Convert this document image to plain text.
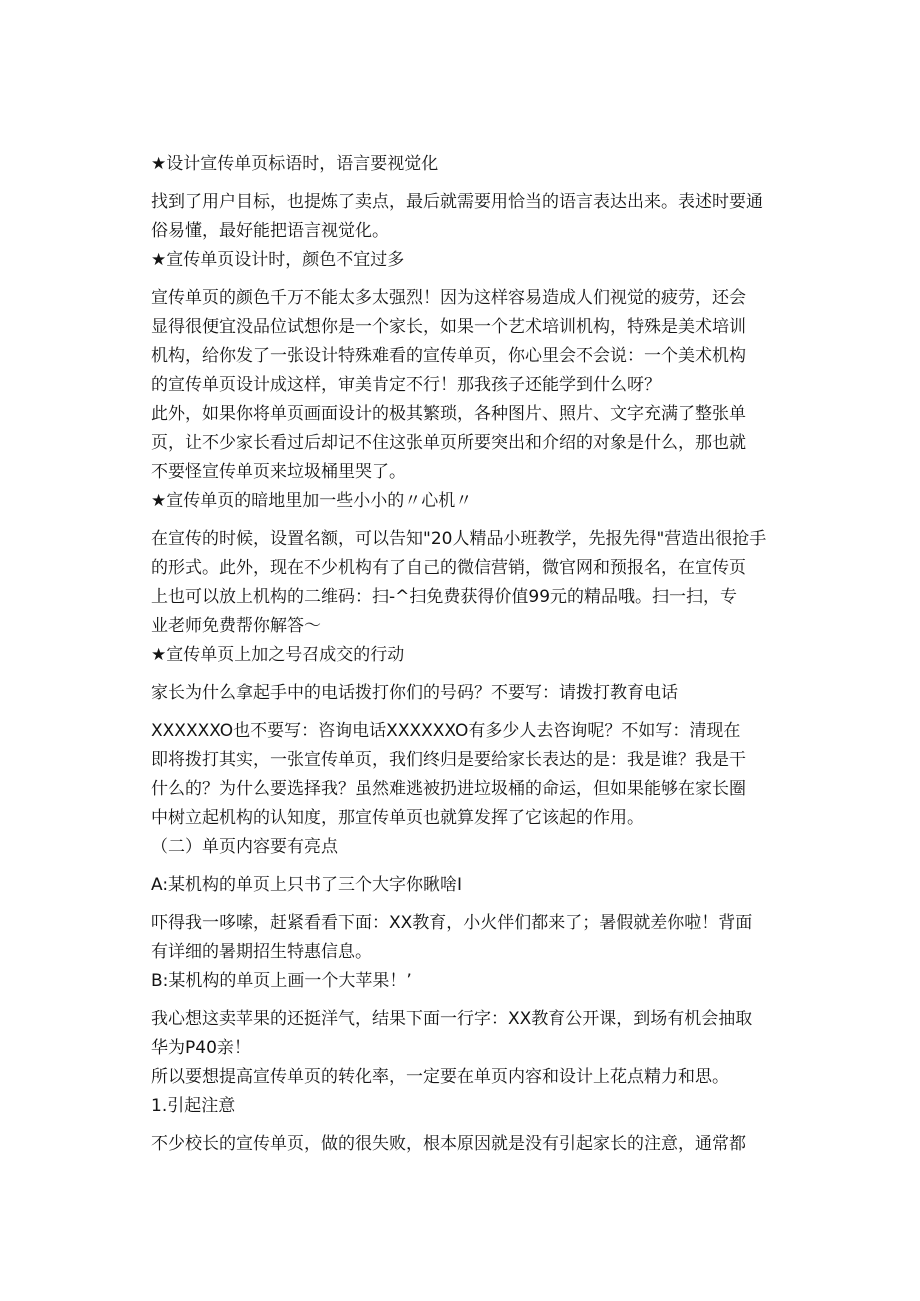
★设计宣传单页标语时，语言要视觉化

找到了用户目标，也提炼了卖点，最后就需要用恰当的语言表达出来。表述时要通

俗易懂，最好能把语言视觉化。

★宣传单页设计时，颜色不宜过多

宣传单页的颜色千万不能太多太强烈！因为这样容易造成人们视觉的疲劳，还会

显得很便宜没品位试想你是一个家长，如果一个艺术培训机构，特殊是美术培训

机构，给你发了一张设计特殊难看的宣传单页，你心里会不会说：一个美术机构

的宣传单页设计成这样，审美肯定不行！那我孩子还能学到什么呀？

此外，如果你将单页画面设计的极其繁琐，各种图片、照片、文字充满了整张单

页，让不少家长看过后却记不住这张单页所要突出和介绍的对象是什么，那也就

不要怪宣传单页来垃圾桶里哭了。

★宣传单页的暗地里加一些小小的〃心机〃

在宣传的时候，设置名额，可以告知"20人精品小班教学，先报先得"营造出很抢手

的形式。此外，现在不少机构有了自己的微信营销，微官网和预报名，在宣传页

上也可以放上机构的二维码：扫-^扫免费获得价值99元的精品哦。扫一扫，专

业老师免费帮你解答～

★宣传单页上加之号召成交的行动

家长为什么拿起手中的电话拨打你们的号码？不要写：请拨打教育电话

XXXXXXO也不要写：咨询电话XXXXXXO有多少人去咨询呢？不如写：清现在

即将拨打其实，一张宣传单页，我们终归是要给家长表达的是：我是谁？我是干

什么的？为什么要选择我？虽然难逃被扔进垃圾桶的命运，但如果能够在家长圈

中树立起机构的认知度，那宣传单页也就算发挥了它该起的作用。

（二）单页内容要有亮点

A:某机构的单页上只书了三个大字你瞅啥I

吓得我一哆嗦，赶紧看看下面：XX教育，小火伴们都来了；暑假就差你啦！背面

有详细的暑期招生特惠信息。

B:某机构的单页上画一个大苹果！’

我心想这卖苹果的还挺洋气，结果下面一行字：XX教育公开课，到场有机会抽取

华为P40亲！

所以要想提高宣传单页的转化率，一定要在单页内容和设计上花点精力和思。

1.引起注意

不少校长的宣传单页，做的很失败，根本原因就是没有引起家长的注意，通常都
